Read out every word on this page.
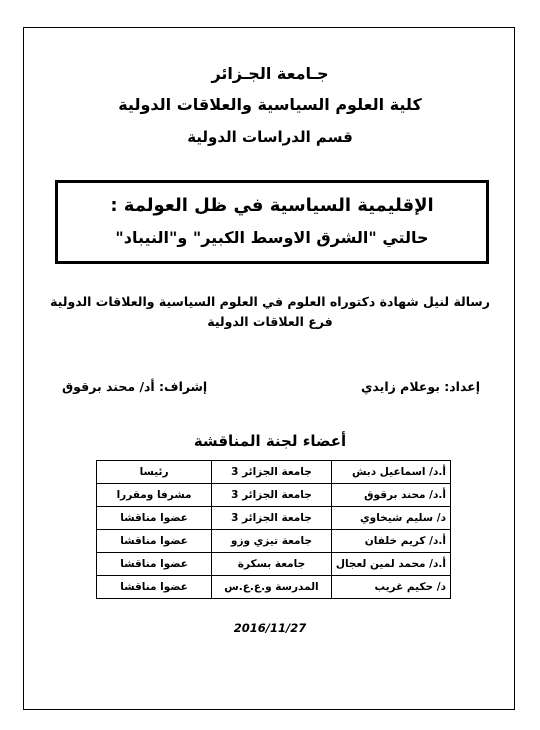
جـامعة الجـزائر
كلية العلوم السياسية والعلاقات الدولية
قسم الدراسات الدولية
الإقليمية السياسية في ظل العولمة :
حالتي "الشرق الاوسط الكبير" و"النيباد"
رسالة لنيل شهادة دكتوراه العلوم في العلوم السياسية والعلاقات الدولية
فرع العلاقات الدولية
إعداد: بوعلام زايدي
إشراف: أد/ محند برقوق
أعضاء لجنة المناقشة
أ.د/ اسماعيل دبش	جامعة الجزائر 3	رئيسا
أ.د/ محند برقوق	جامعة الجزائر 3	مشرفا ومقررا
د/ سليم شيخاوي	جامعة الجزائر 3	عضوا مناقشا
أ.د/ كريم خلفان	جامعة تيزي وزو	عضوا مناقشا
أ.د/ محمد لمين لعجال	جامعة بسكرة	عضوا مناقشا
د/ حكيم غريب	المدرسة و.ع.ع.س	عضوا مناقشا
2016/11/27
